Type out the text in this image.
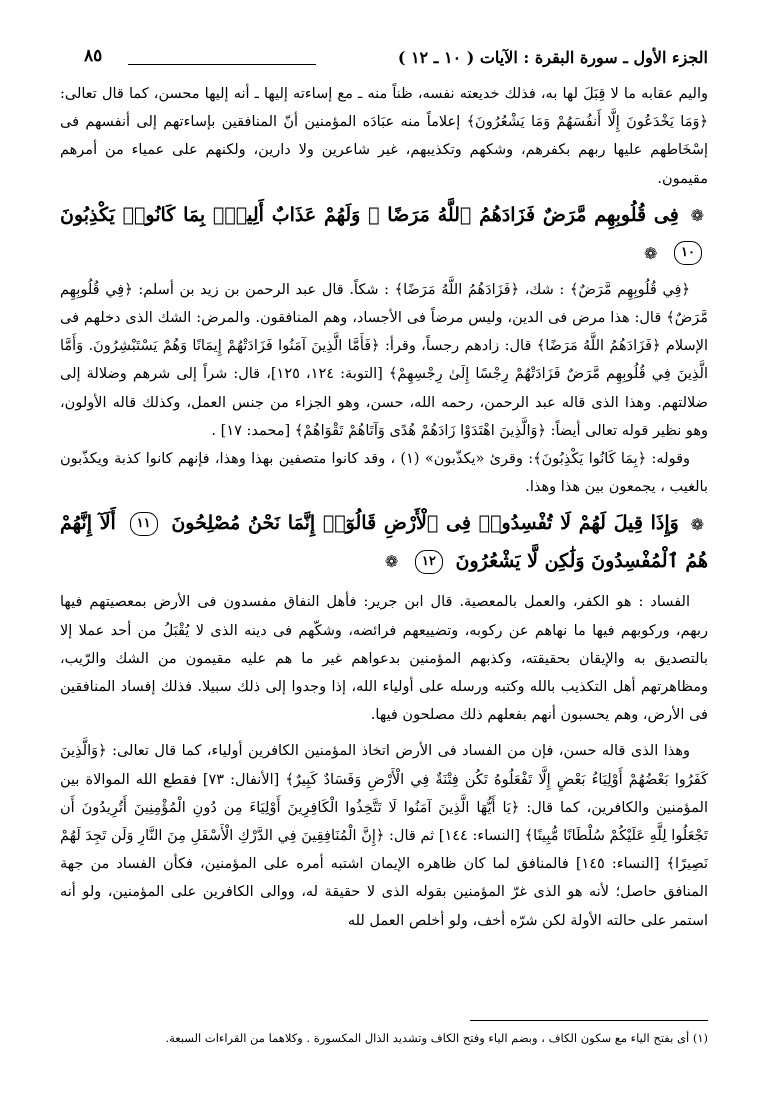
الجزء الأول ـ سورة البقرة : الآيات ( ١٠ ـ ١٢ )
٨٥

والیم عقابه ما لا قِبَلَ لها به، فذلك خديعته نفسه، ظناً منه ـ مع إساءته إليها ـ أنه إليها محسن، كما قال تعالى: ﴿وَمَا يَخْدَعُونَ إِلَّا أَنفُسَهُمْ وَمَا يَشْعُرُونَ﴾ إعلاماً منه عبَادَه المؤمنين أنّ المنافقين بإساءتهم إلى أنفسهم فى إسْخَاطهم عليها ربهم بكفرهم، وشكهم وتكذيبهم، غير شاعرين ولا دارين، ولكنهم على عمياء من أمرهم مقيمون.

❁ فِى قُلُوبِهِم مَّرَضٌ فَزَادَهُمُ ٱللَّهُ مَرَضًا ۖ وَلَهُمْ عَذَابٌ أَلِيمٌۢ بِمَا كَانُوا۟ يَكْذِبُونَ ١٠ ❁

﴿فِي قُلُوبِهِم مَّرَضٌ﴾ : شك، ﴿فَزَادَهُمُ اللَّهُ مَرَضًا﴾ : شكاً. قال عبد الرحمن بن زيد بن أسلم: ﴿فِي قُلُوبِهِم مَّرَضٌ﴾ قال: هذا مرض فى الدين، وليس مرضاً فى الأجساد، وهم المنافقون. والمرض: الشك الذى دخلهم فى الإسلام ﴿فَزَادَهُمُ اللَّهُ مَرَضًا﴾ قال: زادهم رجساً، وقرأ: ﴿فَأَمَّا الَّذِينَ آمَنُوا فَزَادَتْهُمْ إِيمَانًا وَهُمْ يَسْتَبْشِرُونَ. وَأَمَّا الَّذِينَ فِي قُلُوبِهِم مَّرَضٌ فَزَادَتْهُمْ رِجْسًا إِلَىٰ رِجْسِهِمْ﴾ [التوبة: ١٢٤، ١٢٥]، قال: شراً إلى شرهم وضلالة إلى ضلالتهم. وهذا الذى قاله عبد الرحمن، رحمه الله، حسن، وهو الجزاء من جنس العمل، وكذلك قاله الأولون، وهو نظير قوله تعالى أيضاً: ﴿وَالَّذِينَ اهْتَدَوْا زَادَهُمْ هُدًى وَآتَاهُمْ تَقْوَاهُمْ﴾ [محمد: ١٧] .

وقوله: ﴿بِمَا كَانُوا يَكْذِبُونَ﴾: وقرئ «يكذّبون» (١) ، وقد كانوا متصفين بهذا وهذا، فإنهم كانوا كذبة ويكذّبون بالغيب ، يجمعون بين هذا وهذا.

❁ وَإِذَا قِيلَ لَهُمْ لَا تُفْسِدُوا۟ فِى ٱلْأَرْضِ قَالُوٓا۟ إِنَّمَا نَحْنُ مُصْلِحُونَ ١١ أَلَآ إِنَّهُمْ هُمُ ٱلْمُفْسِدُونَ وَلَٰكِن لَّا يَشْعُرُونَ ١٢ ❁

الفساد : هو الكفر، والعمل بالمعصية. قال ابن جرير: فأهل النفاق مفسدون فى الأرض بمعصيتهم فيها ربهم، وركوبهم فيها ما نهاهم عن ركوبه، وتضييعهم فرائضه، وشكّهم فى دينه الذى لا يُقْبَلُ من أحد عملا إلا بالتصديق به والإيقان بحقيقته، وكذبهم المؤمنين بدعواهم غير ما هم عليه مقيمون من الشك والرّيب، ومظاهرتهم أهل التكذيب بالله وكتبه ورسله على أولياء الله، إذا وجدوا إلى ذلك سبيلا. فذلك إفساد المنافقين فى الأرض، وهم يحسبون أنهم بفعلهم ذلك مصلحون فيها.

وهذا الذى قاله حسن، فإن من الفساد فى الأرض اتخاذ المؤمنين الكافرين أولياء، كما قال تعالى: ﴿وَالَّذِينَ كَفَرُوا بَعْضُهُمْ أَوْلِيَاءُ بَعْضٍ إِلَّا تَفْعَلُوهُ تَكُن فِتْنَةٌ فِي الْأَرْضِ وَفَسَادٌ كَبِيرٌ﴾ [الأنفال: ٧٣] فقطع الله الموالاة بين المؤمنين والكافرين، كما قال: ﴿يَا أَيُّهَا الَّذِينَ آمَنُوا لَا تَتَّخِذُوا الْكَافِرِينَ أَوْلِيَاءَ مِن دُونِ الْمُؤْمِنِينَ أَتُرِيدُونَ أَن تَجْعَلُوا لِلَّهِ عَلَيْكُمْ سُلْطَانًا مُّبِينًا﴾ [النساء: ١٤٤] ثم قال: ﴿إِنَّ الْمُنَافِقِينَ فِي الدَّرْكِ الْأَسْفَلِ مِنَ النَّارِ وَلَن تَجِدَ لَهُمْ نَصِيرًا﴾ [النساء: ١٤٥] فالمنافق لما كان ظاهره الإيمان اشتبه أمره على المؤمنين، فكأن الفساد من جهة المنافق حاصل؛ لأنه هو الذى غرّ المؤمنين بقوله الذى لا حقيقة له، ووالى الكافرين على المؤمنين، ولو أنه استمر على حالته الأولة لكن شرّه أخف، ولو أخلص العمل لله

(١) أى بفتح الياء مع سكون الكاف ، وبضم الياء وفتح الكاف وتشديد الذال المكسورة . وكلاهما من القراءات السبعة.
